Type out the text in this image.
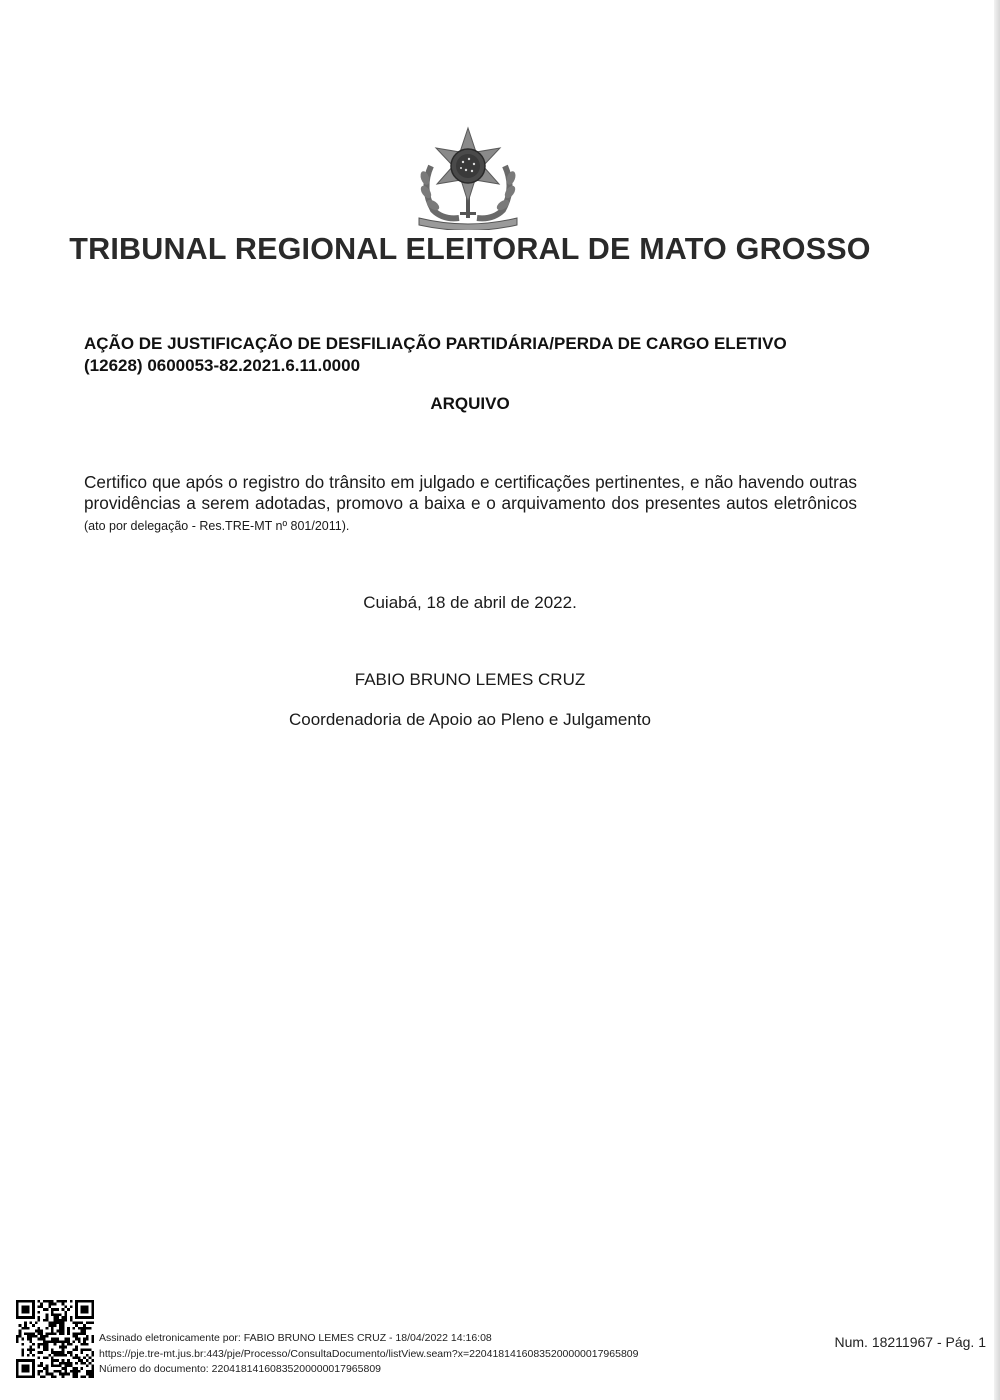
TRIBUNAL REGIONAL ELEITORAL DE MATO GROSSO
AÇÃO DE JUSTIFICAÇÃO DE DESFILIAÇÃO PARTIDÁRIA/PERDA DE CARGO ELETIVO
(12628) 0600053-82.2021.6.11.0000
ARQUIVO
Certifico que após o registro do trânsito em julgado e certificações pertinentes, e não havendo outras providências a serem adotadas, promovo a baixa e o arquivamento dos presentes autos eletrônicos (ato por delegação - Res.TRE-MT nº 801/2011).
Cuiabá, 18 de abril de 2022.
FABIO BRUNO LEMES CRUZ
Coordenadoria de Apoio ao Pleno e Julgamento
Assinado eletronicamente por: FABIO BRUNO LEMES CRUZ - 18/04/2022 14:16:08
https://pje.tre-mt.jus.br:443/pje/Processo/ConsultaDocumento/listView.seam?x=22041814160835200000017965809
Número do documento: 22041814160835200000017965809
Num. 18211967 - Pág. 1
